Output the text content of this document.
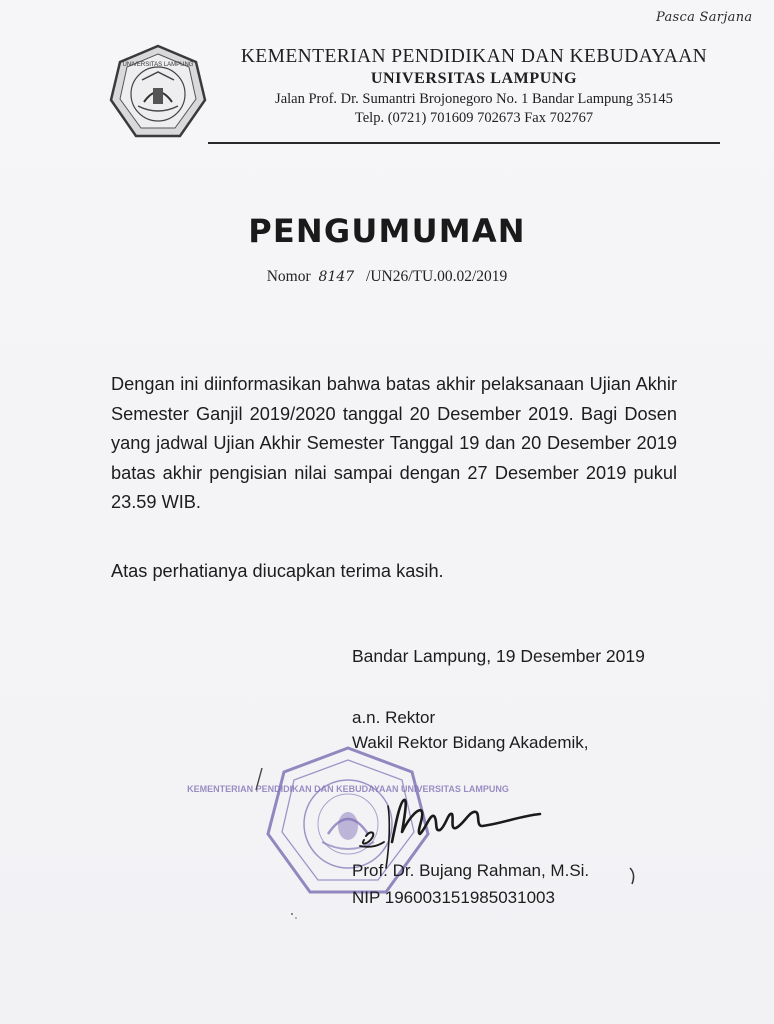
Pasca Sarjana
UNIVERSITAS LAMPUNG	KEMENTERIAN PENDIDIKAN DAN KEBUDAYAAN
UNIVERSITAS LAMPUNG
Jalan Prof. Dr. Sumantri Brojonegoro No. 1 Bandar Lampung 35145
Telp. (0721) 701609 702673 Fax 702767
PENGUMUMAN
Nomor 8147 /UN26/TU.00.02/2019
Dengan ini diinformasikan bahwa batas akhir pelaksanaan Ujian Akhir Semester Ganjil 2019/2020 tanggal 20 Desember 2019. Bagi Dosen yang jadwal Ujian Akhir Semester Tanggal 19 dan 20 Desember 2019 batas akhir pengisian nilai sampai dengan 27 Desember 2019 pukul 23.59 WIB.
Atas perhatianya diucapkan terima kasih.
KEMENTERIAN PENDIDIKAN DAN KEBUDAYAAN UNIVERSITAS LAMPUNG
Bandar Lampung, 19 Desember 2019
a.n. Rektor
Wakil Rektor Bidang Akademik,
Prof. Dr. Bujang Rahman, M.Si.
NIP 196003151985031003
